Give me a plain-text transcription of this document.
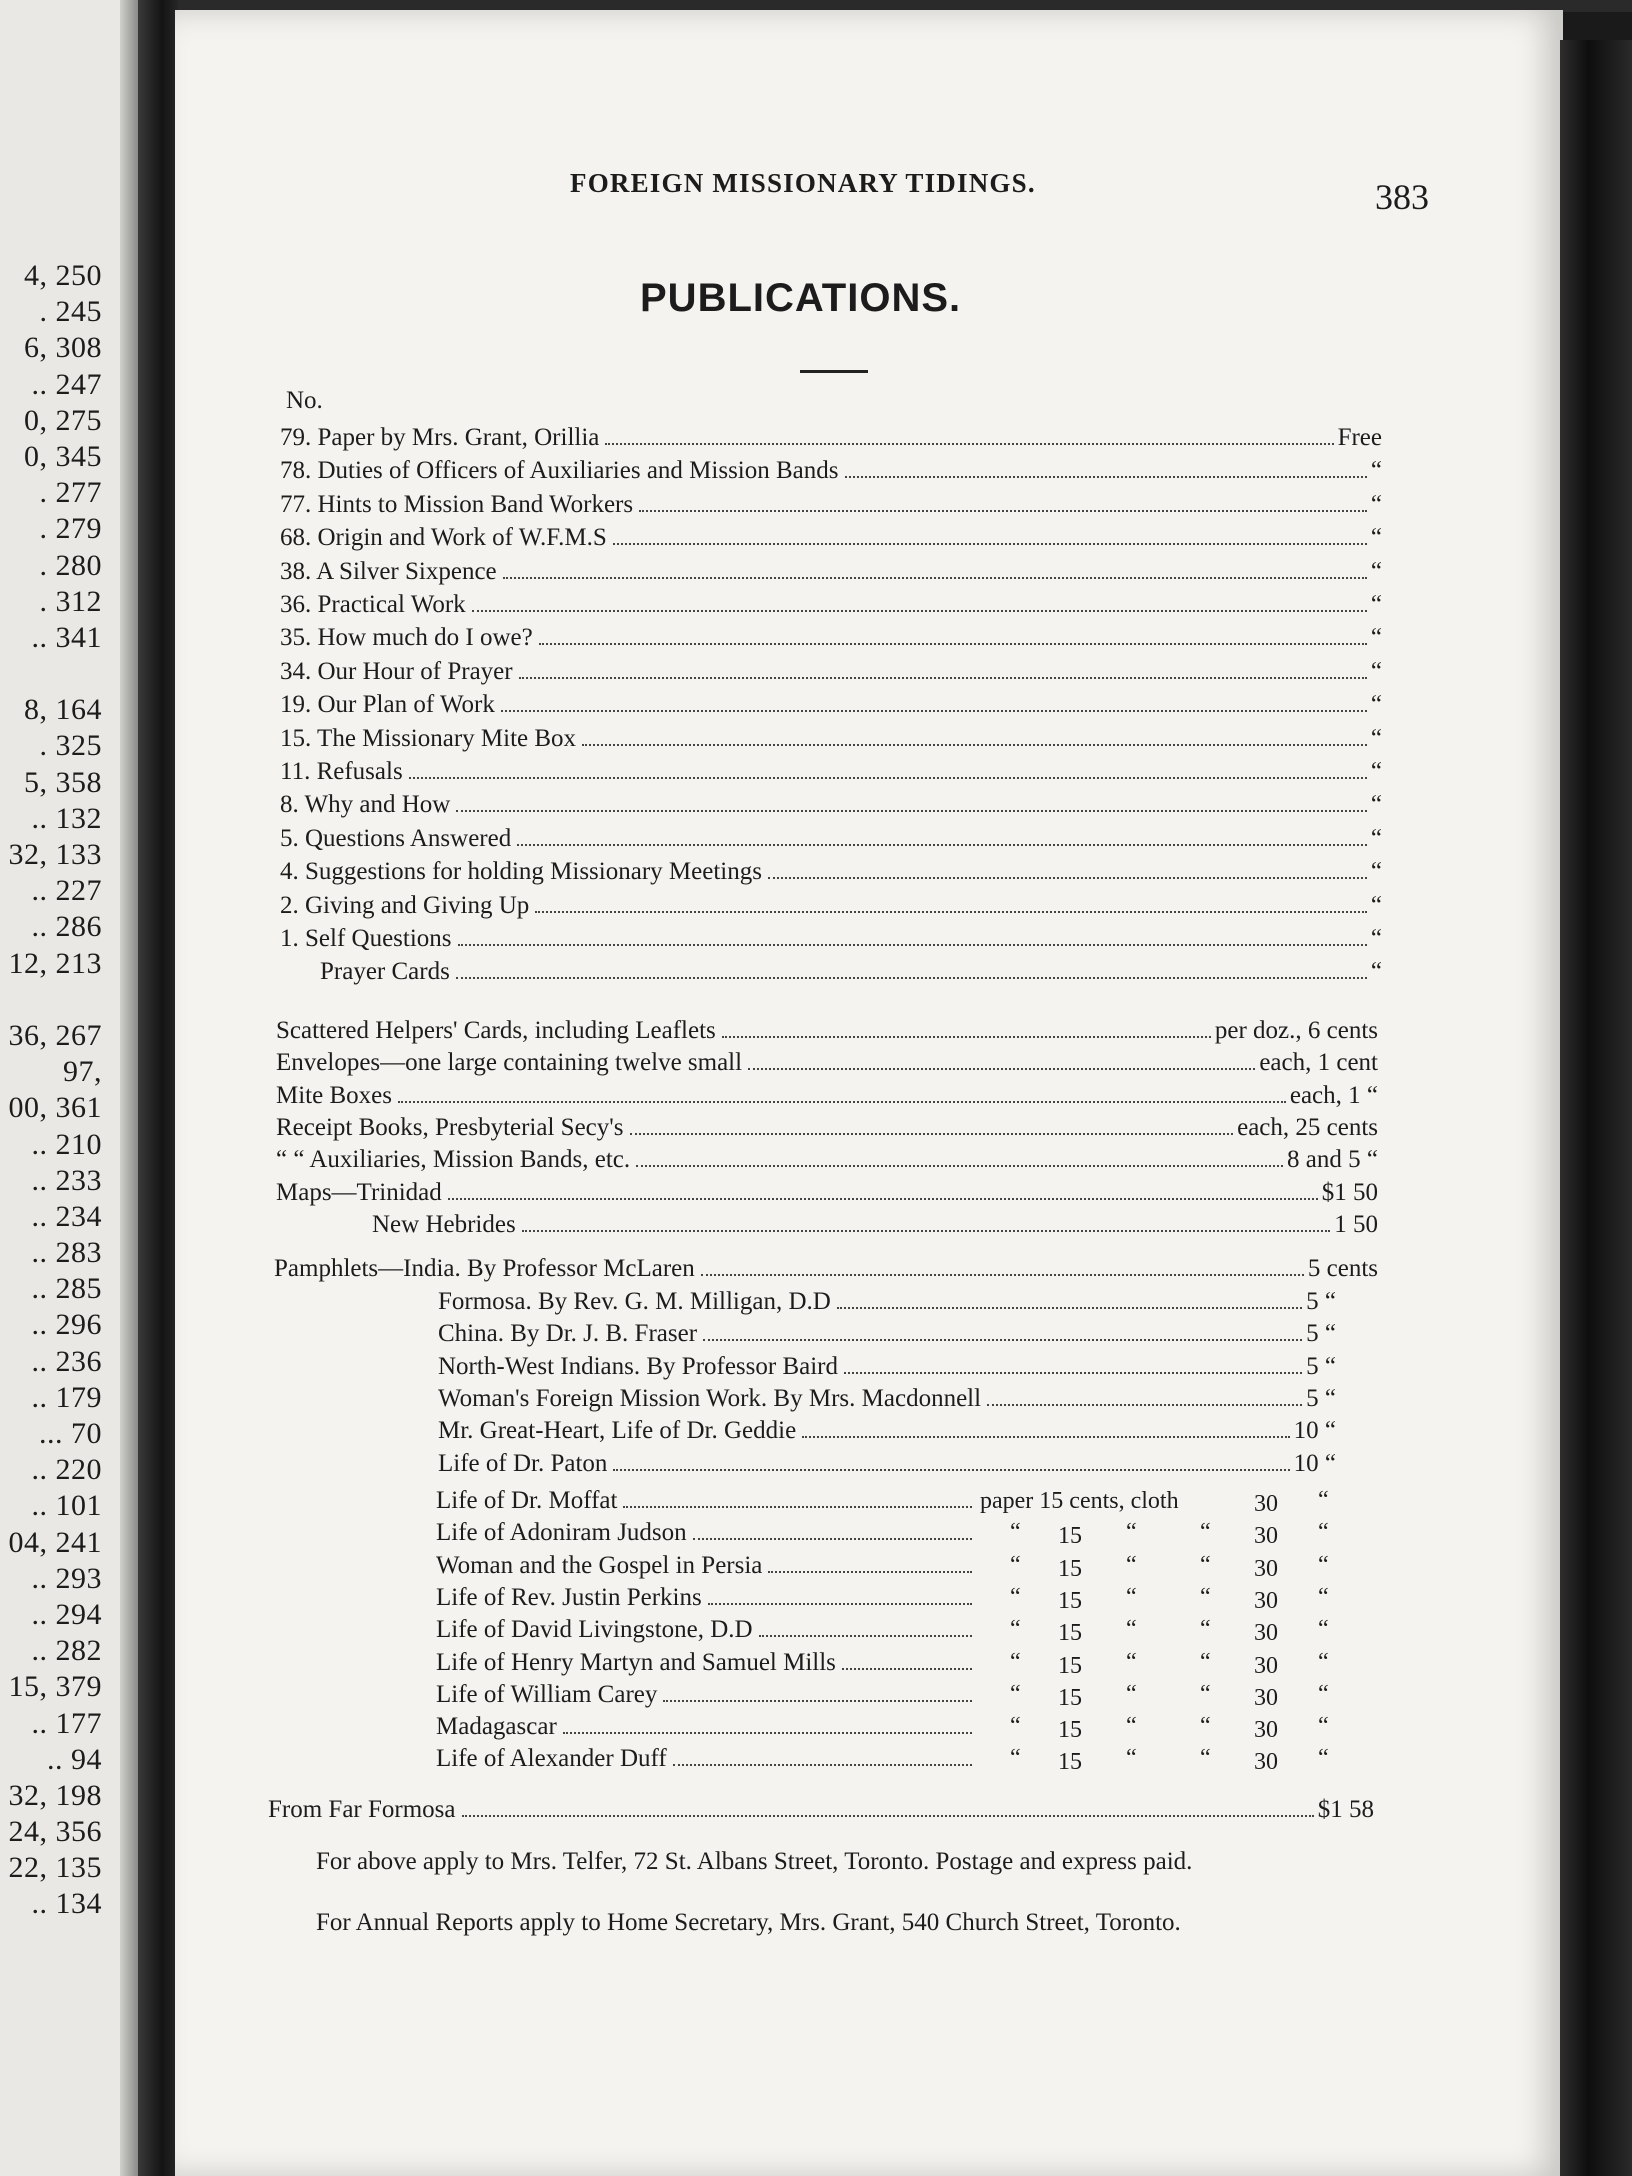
4, 250
. 245
6, 308
.. 247
0, 275
0, 345
. 277
. 279
. 280
. 312
.. 341
8, 164
. 325
5, 358
.. 132
32, 133
.. 227
.. 286
12, 213
36, 267
97,
00, 361
.. 210
.. 233
.. 234
.. 283
.. 285
.. 296
.. 236
.. 179
... 70
.. 220
.. 101
04, 241
.. 293
.. 294
.. 282
15, 379
.. 177
.. 94
32, 198
24, 356
22, 135
.. 134
FOREIGN MISSIONARY TIDINGS.	383
PUBLICATIONS.
No.
79. Paper by Mrs. Grant, Orillia	Free
78. Duties of Officers of Auxiliaries and Mission Bands	“
77. Hints to Mission Band Workers	“
68. Origin and Work of W.F.M.S	“
38. A Silver Sixpence	“
36. Practical Work	“
35. How much do I owe?	“
34. Our Hour of Prayer	“
19. Our Plan of Work	“
15. The Missionary Mite Box	“
11. Refusals	“
8. Why and How	“
5. Questions Answered	“
4. Suggestions for holding Missionary Meetings	“
2. Giving and Giving Up	“
1. Self Questions	“
Prayer Cards	“
Scattered Helpers' Cards, including Leaflets	per doz., 6 cents
Envelopes—one large containing twelve small	each, 1 cent
Mite Boxes	each, 1 “
Receipt Books, Presbyterial Secy's	each, 25 cents
“ “ Auxiliaries, Mission Bands, etc.	8 and 5 “
Maps—Trinidad	$1 50
New Hebrides	1 50
Pamphlets—India. By Professor McLaren	5 cents
Formosa. By Rev. G. M. Milligan, D.D	5 “
China. By Dr. J. B. Fraser	5 “
North-West Indians. By Professor Baird	5 “
Woman's Foreign Mission Work. By Mrs. Macdonnell	5 “
Mr. Great-Heart, Life of Dr. Geddie	10 “
Life of Dr. Paton	10 “
Life of Dr. Moffat	paper 15 cents, cloth	30 “
Life of Adoniram Judson	“ 15 “	“ 30 “
Woman and the Gospel in Persia	“ 15 “	“ 30 “
Life of Rev. Justin Perkins	“ 15 “	“ 30 “
Life of David Livingstone, D.D	“ 15 “	“ 30 “
Life of Henry Martyn and Samuel Mills	“ 15 “	“ 30 “
Life of William Carey	“ 15 “	“ 30 “
Madagascar	“ 15 “	“ 30 “
Life of Alexander Duff	“ 15 “	“ 30 “
From Far Formosa	$1 58
For above apply to Mrs. Telfer, 72 St. Albans Street, Toronto. Postage and express paid.
For Annual Reports apply to Home Secretary, Mrs. Grant, 540 Church Street, Toronto.
